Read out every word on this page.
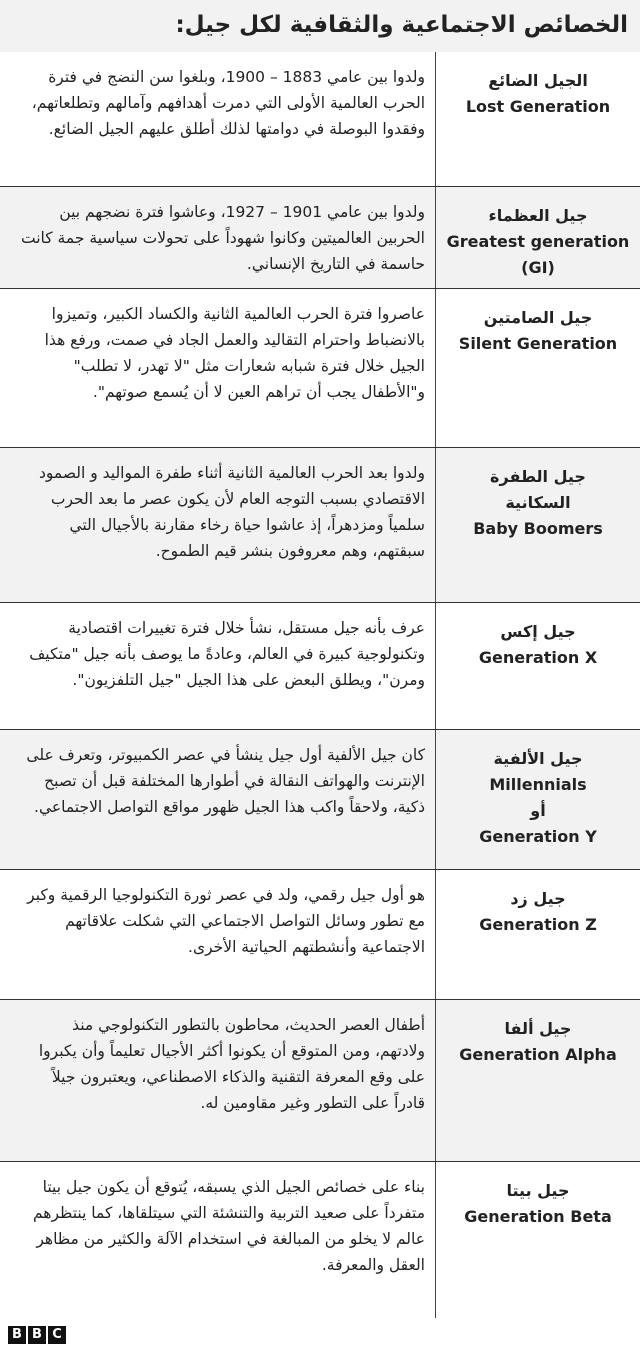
الخصائص الاجتماعية والثقافية لكل جيل:
الجيل الضائع
Lost Generation
ولدوا بين عامي 1883 – 1900، وبلغوا سن النضج في فترة الحرب العالمية الأولى التي دمرت أهدافهم وآمالهم وتطلعاتهم، وفقدوا البوصلة في دوامتها لذلك أطلق عليهم الجيل الضائع.
جيل العظماء
Greatest generation
(GI)
ولدوا بين عامي 1901 – 1927، وعاشوا فترة نضجهم بين الحربين العالميتين وكانوا شهوداً على تحولات سياسية جمة كانت حاسمة في التاريخ الإنساني.
جيل الصامتين
Silent Generation
عاصروا فترة الحرب العالمية الثانية والكساد الكبير، وتميزوا بالانضباط واحترام التقاليد والعمل الجاد في صمت، ورفع هذا الجيل خلال فترة شبابه شعارات مثل "لا تهدر، لا تطلب" و"الأطفال يجب أن تراهم العين لا أن يُسمع صوتهم".
جيل الطفرة
السكانية
Baby Boomers
ولدوا بعد الحرب العالمية الثانية أثناء طفرة المواليد و الصمود الاقتصادي بسبب التوجه العام لأن يكون عصر ما بعد الحرب سلمياً ومزدهراً، إذ عاشوا حياة رخاء مقارنة بالأجيال التي سبقتهم، وهم معروفون بنشر قيم الطموح.
جيل إكس
Generation X
عرف بأنه جيل مستقل، نشأ خلال فترة تغييرات اقتصادية وتكنولوجية كبيرة في العالم، وعادةً ما يوصف بأنه جيل "متكيف ومرن"، ويطلق البعض على هذا الجيل "جيل التلفزيون".
جيل الألفية
Millennials
أو
Generation Y
كان جيل الألفية أول جيل ينشأ في عصر الكمبيوتر، وتعرف على الإنترنت والهواتف النقالة في أطوارها المختلفة قبل أن تصبح ذكية، ولاحقاً واكب هذا الجيل ظهور مواقع التواصل الاجتماعي.
جيل زد
Generation Z
هو أول جيل رقمي، ولد في عصر ثورة التكنولوجيا الرقمية وكبر مع تطور وسائل التواصل الاجتماعي التي شكلت علاقاتهم الاجتماعية وأنشطتهم الحياتية الأخرى.
جيل ألفا
Generation Alpha
أطفال العصر الحديث، محاطون بالتطور التكنولوجي منذ ولادتهم، ومن المتوقع أن يكونوا أكثر الأجيال تعليماً وأن يكبروا على وقع المعرفة التقنية والذكاء الاصطناعي، ويعتبرون جيلاً قادراً على التطور وغير مقاومين له.
جيل بيتا
Generation Beta
بناء على خصائص الجيل الذي يسبقه، يُتوقع أن يكون جيل بيتا متفرداً على صعيد التربية والتنشئة التي سيتلقاها، كما ينتظرهم عالم لا يخلو من المبالغة في استخدام الآلة والكثير من مظاهر العقل والمعرفة.
B B C
